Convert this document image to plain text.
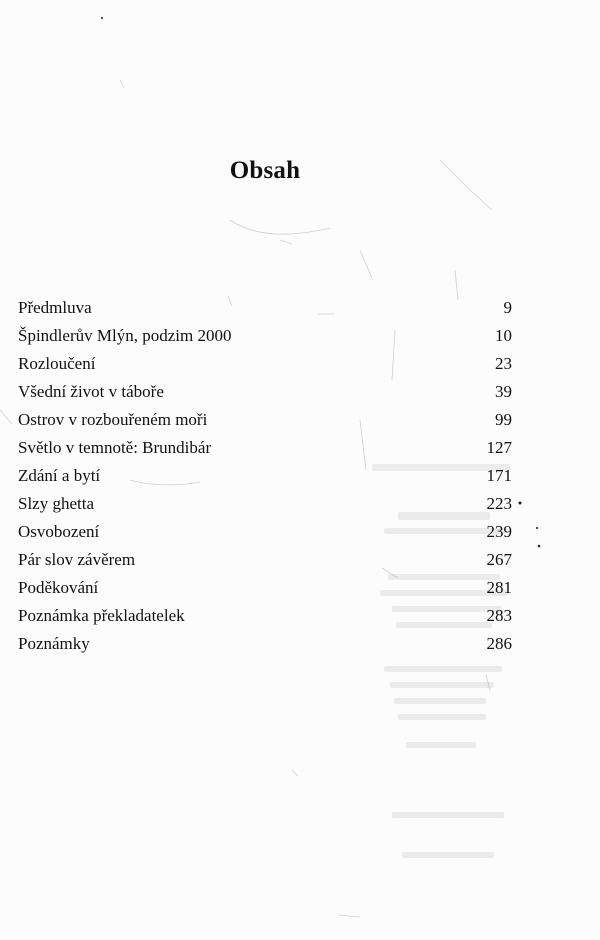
Obsah
Předmluva	9
Špindlerův Mlýn, podzim 2000	10
Rozloučení	23
Všední život v táboře	39
Ostrov v rozbouřeném moři	99
Světlo v temnotě: Brundibár	127
Zdání a bytí	171
Slzy ghetta	223
Osvobození	239
Pár slov závěrem	267
Poděkování	281
Poznámka překladatelek	283
Poznámky	286
